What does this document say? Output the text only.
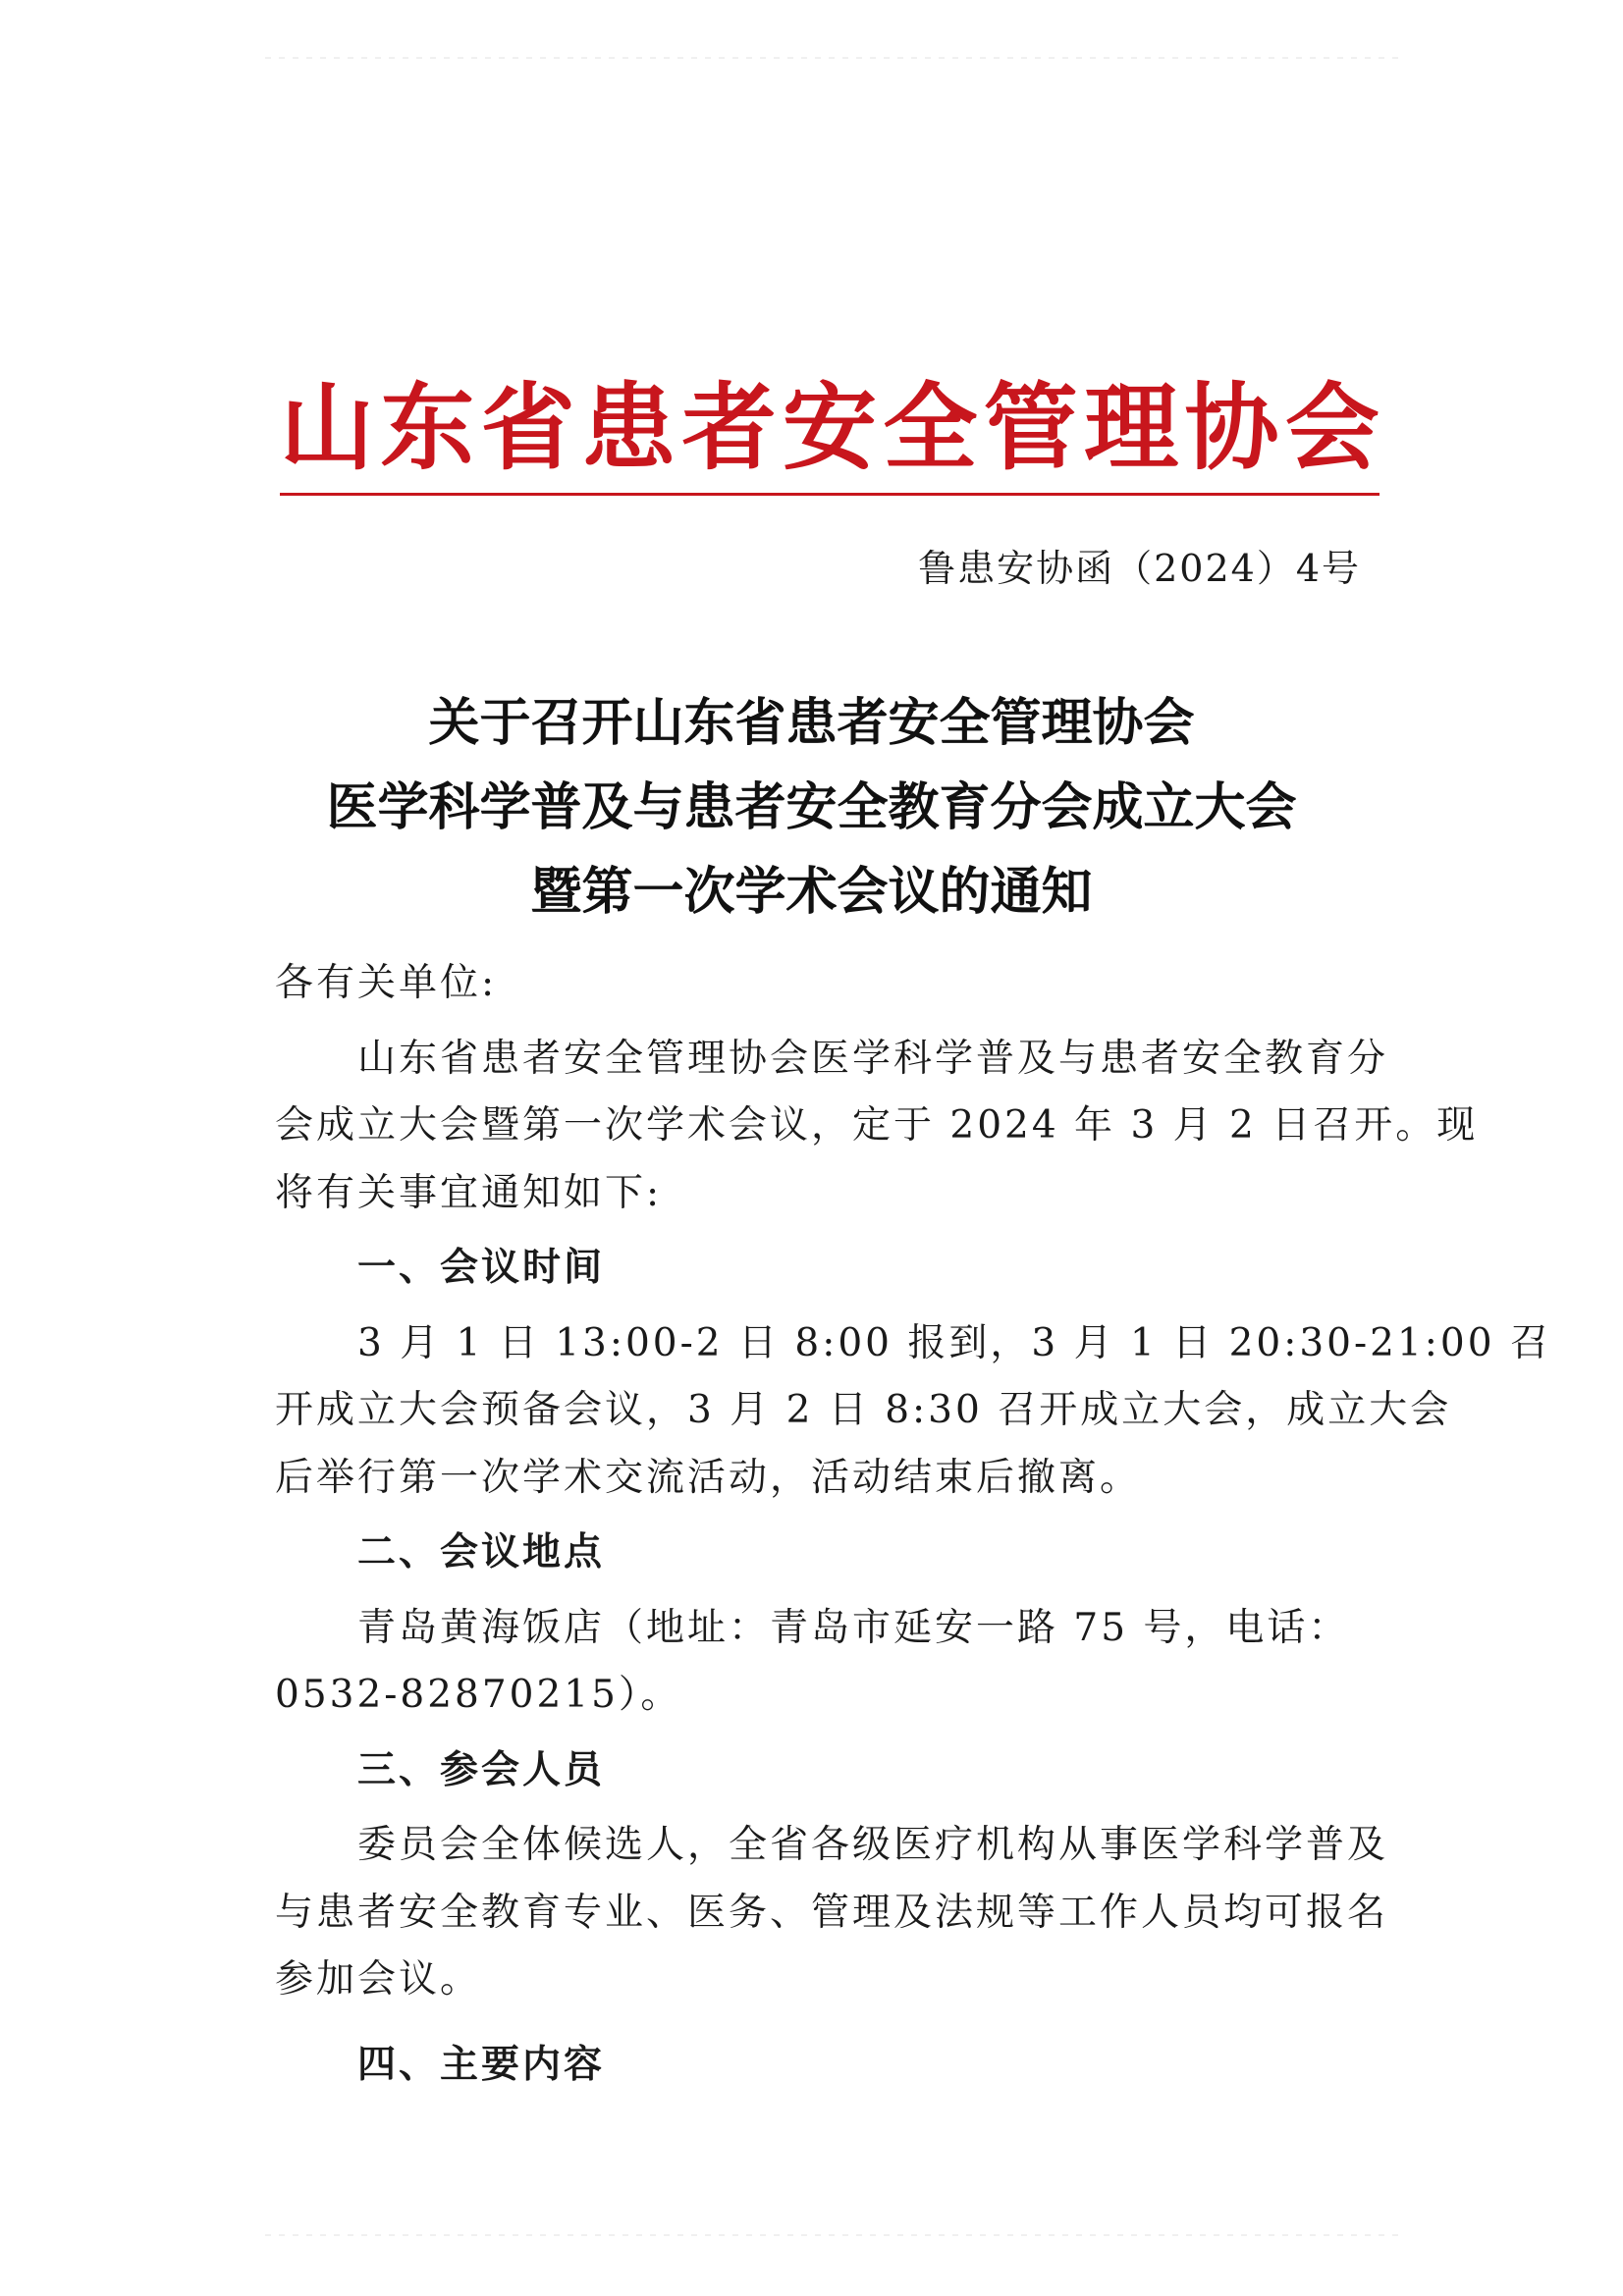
山 东 省 患 者 安 全 管 理 协 会
鲁患安协函（2024）4号
关于召开山东省患者安全管理协会
医学科学普及与患者安全教育分会成立大会
暨第一次学术会议的通知

各有关单位:

山东省患者安全管理协会医学科学普及与患者安全教育分

会成立大会暨第一次学术会议，定于 2024 年 3 月 2 日召开。现

将有关事宜通知如下:

一、会议时间

3 月 1 日 13:00-2 日 8:00 报到，3 月 1 日 20:30-21:00 召

开成立大会预备会议，3 月 2 日 8:30 召开成立大会，成立大会

后举行第一次学术交流活动，活动结束后撤离。

二、会议地点

青岛黄海饭店（地址：青岛市延安一路 75 号，电话：

0532-82870215）。

三、参会人员

委员会全体候选人，全省各级医疗机构从事医学科学普及

与患者安全教育专业、医务、管理及法规等工作人员均可报名

参加会议。

四、主要内容
